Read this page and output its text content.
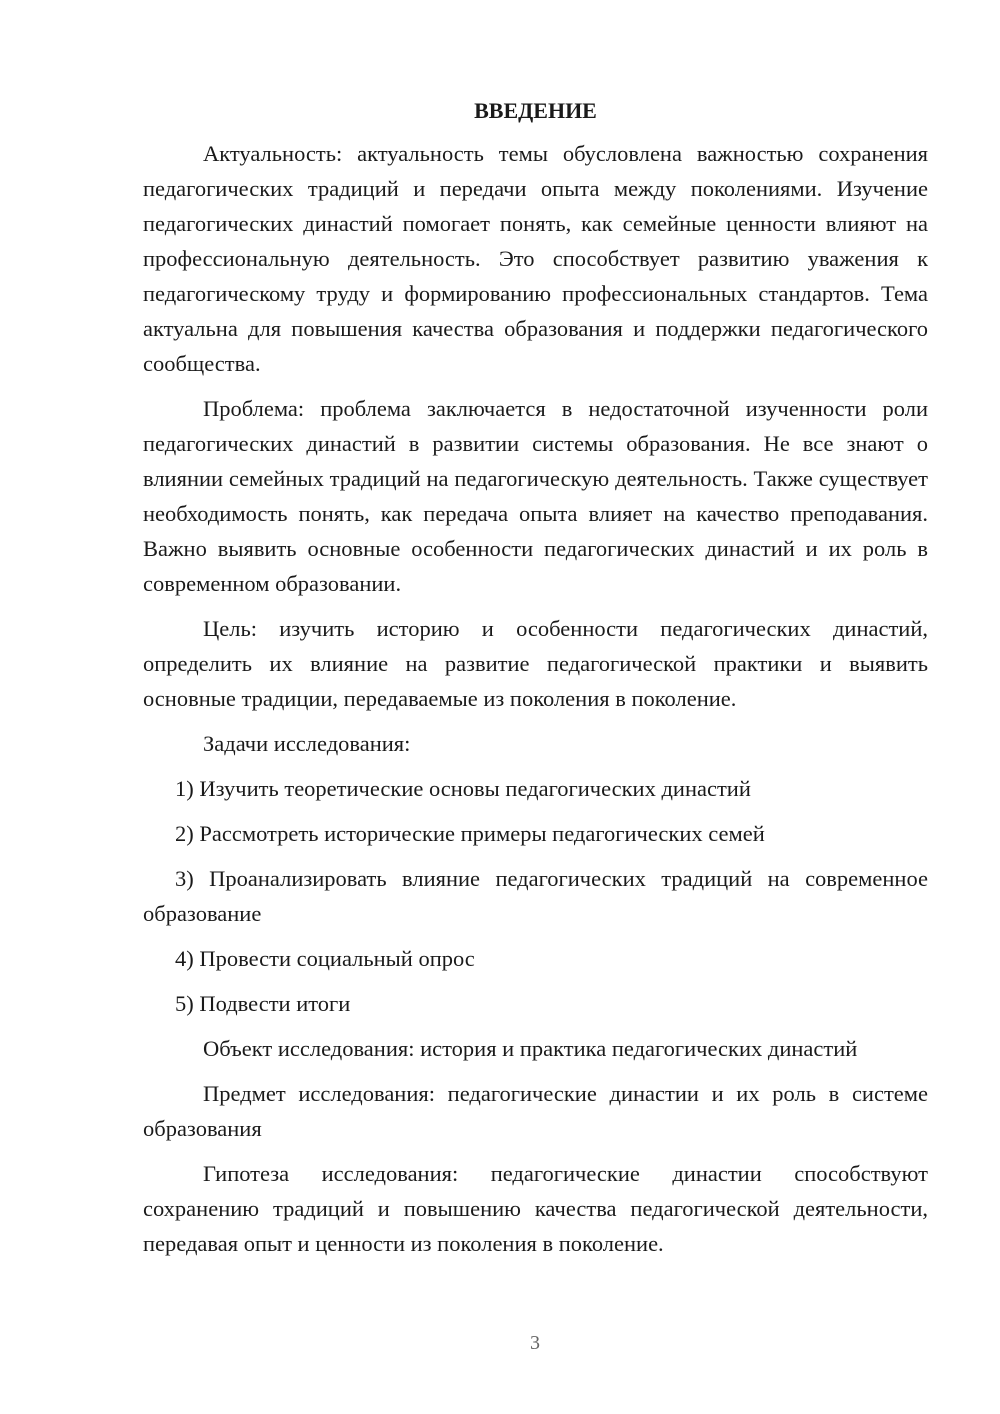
ВВЕДЕНИЕ

Актуальность: актуальность темы обусловлена важностью сохранения педагогических традиций и передачи опыта между поколениями. Изучение педагогических династий помогает понять, как семейные ценности влияют на профессиональную деятельность. Это способствует развитию уважения к педагогическому труду и формированию профессиональных стандартов. Тема актуальна для повышения качества образования и поддержки педагогического сообщества.

Проблема: проблема заключается в недостаточной изученности роли педагогических династий в развитии системы образования. Не все знают о влиянии семейных традиций на педагогическую деятельность. Также существует необходимость понять, как передача опыта влияет на качество преподавания. Важно выявить основные особенности педагогических династий и их роль в современном образовании.

Цель: изучить историю и особенности педагогических династий, определить их влияние на развитие педагогической практики и выявить основные традиции, передаваемые из поколения в поколение.

Задачи исследования:

1) Изучить теоретические основы педагогических династий

2) Рассмотреть исторические примеры педагогических семей

3) Проанализировать влияние педагогических традиций на современное образование

4) Провести социальный опрос

5) Подвести итоги

Объект исследования: история и практика педагогических династий

Предмет исследования: педагогические династии и их роль в системе образования

Гипотеза исследования: педагогические династии способствуют сохранению традиций и повышению качества педагогической деятельности, передавая опыт и ценности из поколения в поколение.

3
